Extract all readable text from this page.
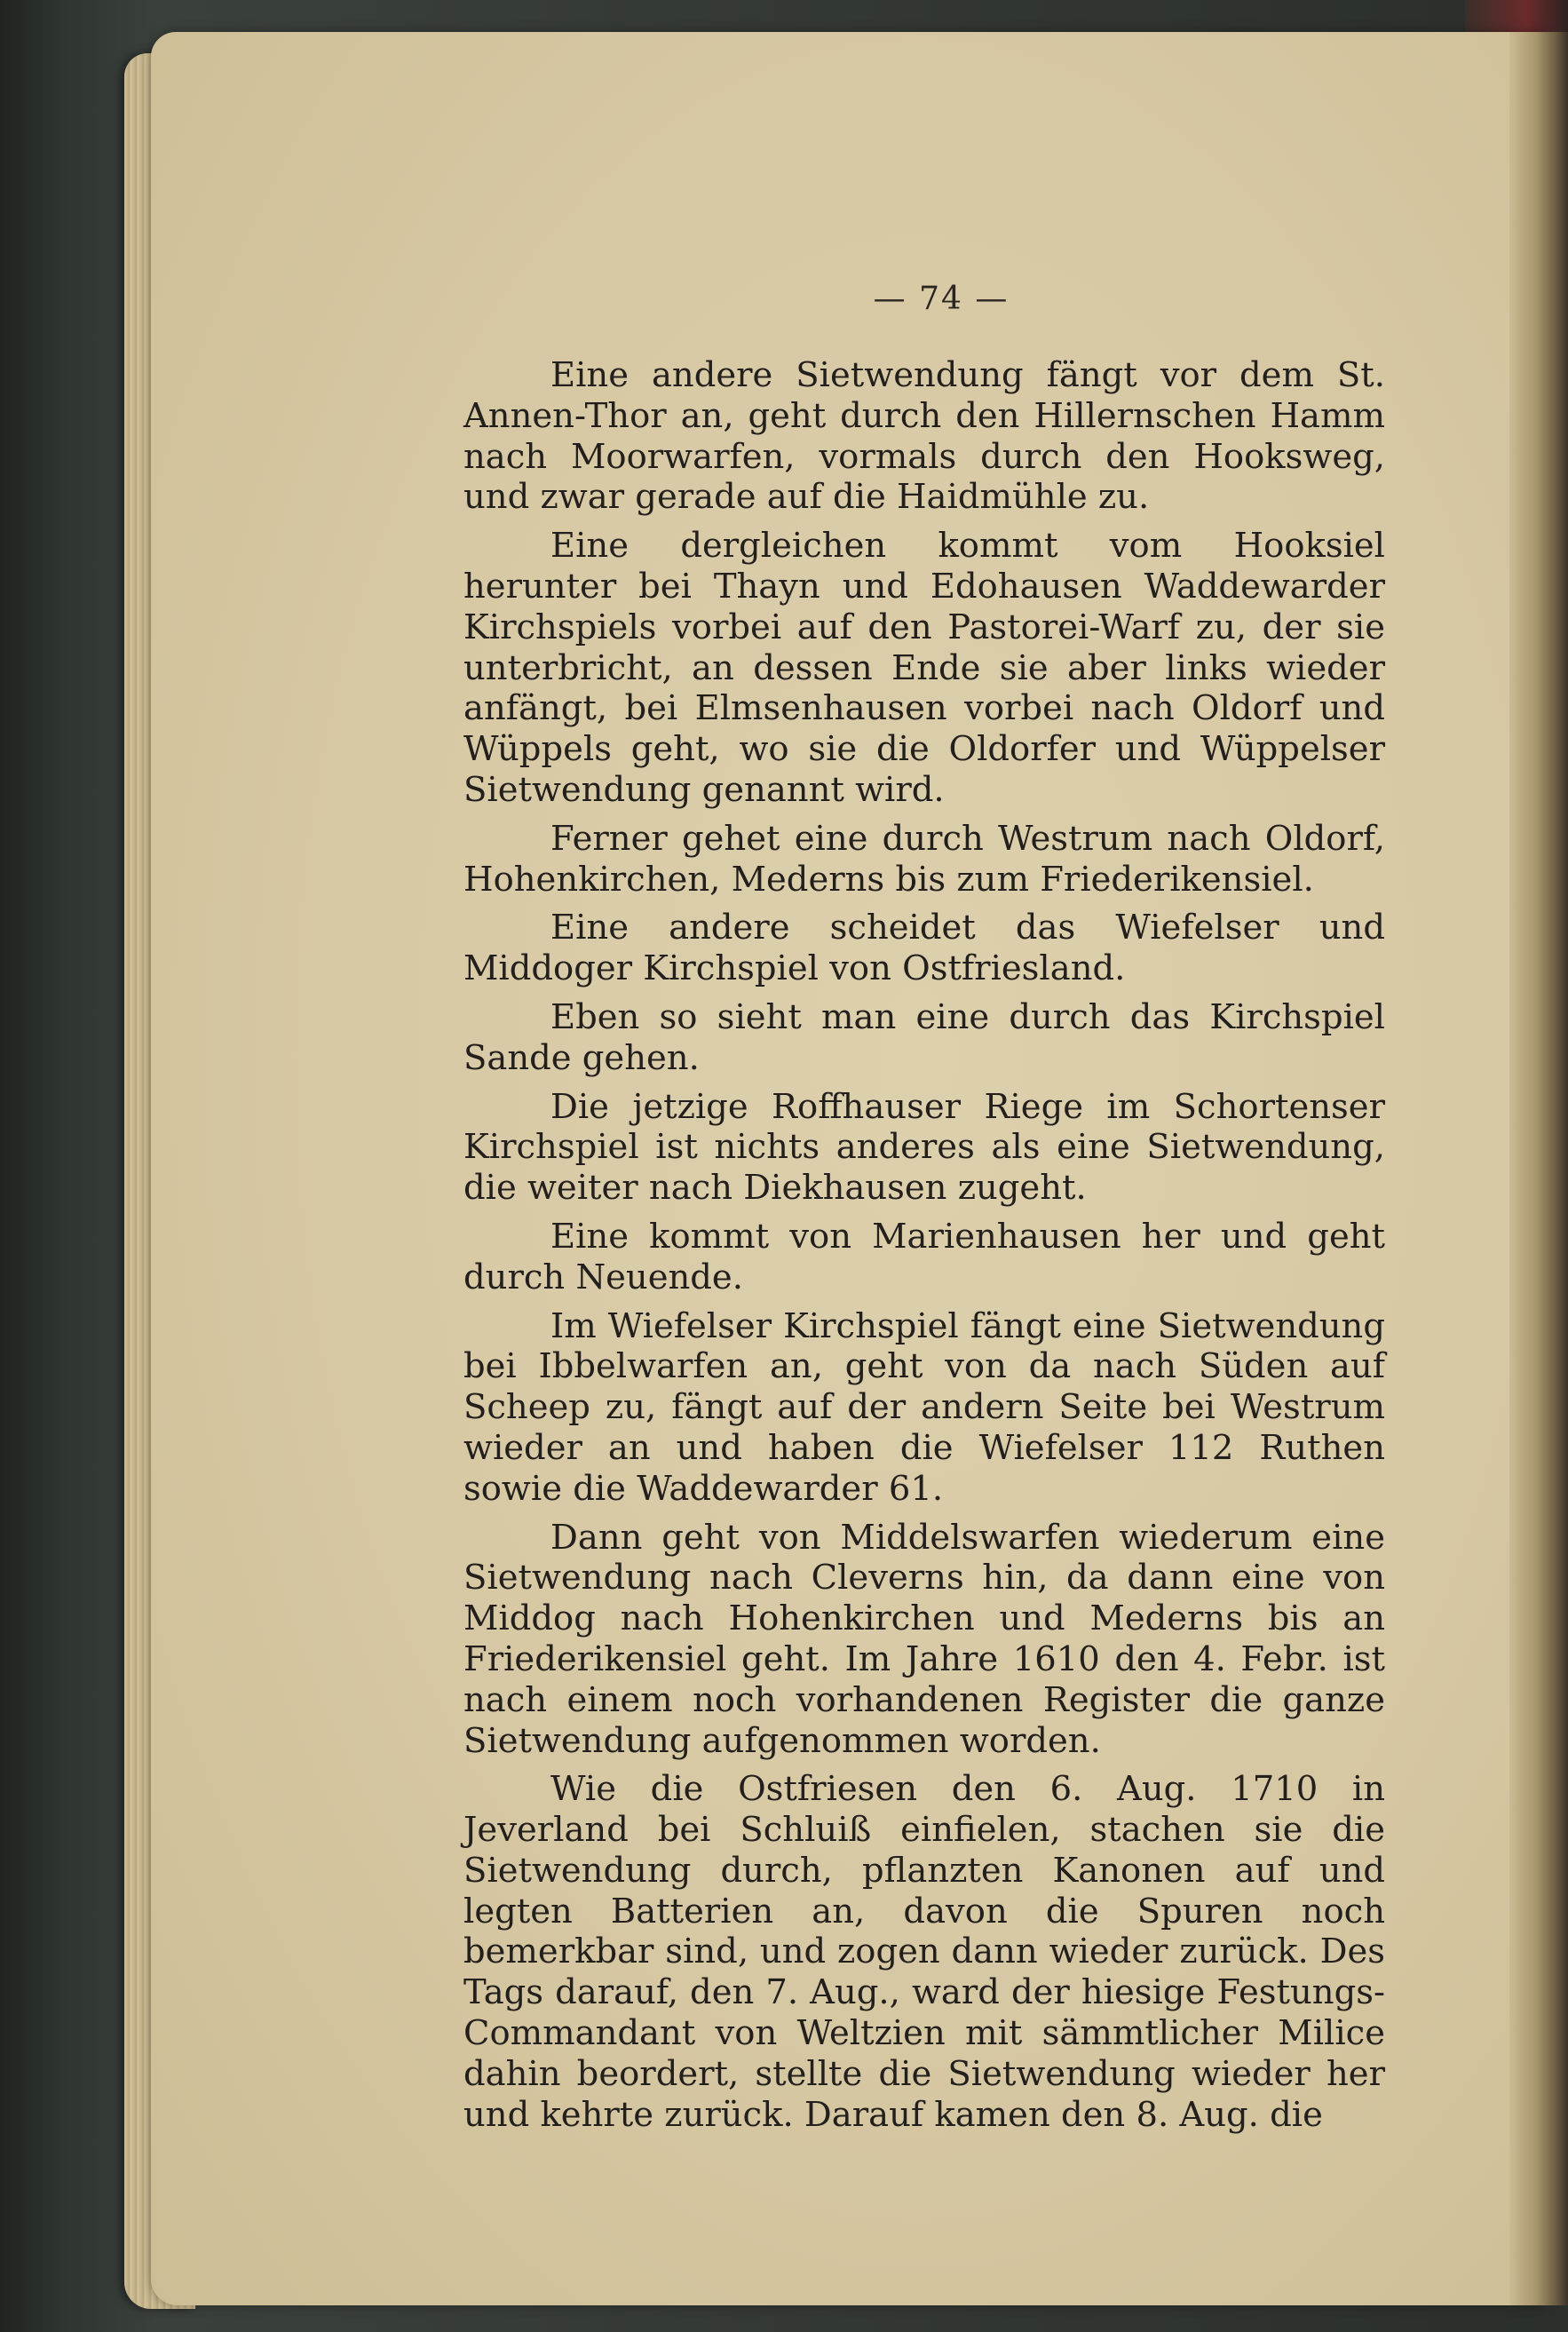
— 74 —

Eine andere Sietwendung fängt vor dem St. Annen-Thor an, geht durch den Hillernschen Hamm nach Moorwarfen, vormals durch den Hooksweg, und zwar gerade auf die Haidmühle zu.

Eine dergleichen kommt vom Hooksiel herunter bei Thayn und Edohausen Waddewarder Kirchspiels vorbei auf den Pastorei-Warf zu, der sie unterbricht, an dessen Ende sie aber links wieder anfängt, bei Elmsenhausen vorbei nach Oldorf und Wüppels geht, wo sie die Oldorfer und Wüppelser Sietwendung genannt wird.

Ferner gehet eine durch Westrum nach Oldorf, Hohenkirchen, Mederns bis zum Friederikensiel.

Eine andere scheidet das Wiefelser und Middoger Kirchspiel von Ostfriesland.

Eben so sieht man eine durch das Kirchspiel Sande gehen.

Die jetzige Roffhauser Riege im Schortenser Kirchspiel ist nichts anderes als eine Sietwendung, die weiter nach Diekhausen zugeht.

Eine kommt von Marienhausen her und geht durch Neuende.

Im Wiefelser Kirchspiel fängt eine Sietwendung bei Ibbelwarfen an, geht von da nach Süden auf Scheep zu, fängt auf der andern Seite bei Westrum wieder an und haben die Wiefelser 112 Ruthen sowie die Waddewarder 61.

Dann geht von Middelswarfen wiederum eine Sietwendung nach Cleverns hin, da dann eine von Middog nach Hohenkirchen und Mederns bis an Friederikensiel geht. Im Jahre 1610 den 4. Febr. ist nach einem noch vorhandenen Register die ganze Sietwendung aufgenommen worden.

Wie die Ostfriesen den 6. Aug. 1710 in Jeverland bei Schluiß einfielen, stachen sie die Sietwendung durch, pflanzten Kanonen auf und legten Batterien an, davon die Spuren noch bemerkbar sind, und zogen dann wieder zurück. Des Tags darauf, den 7. Aug., ward der hiesige Festungs-Commandant von Weltzien mit sämmtlicher Milice dahin beordert, stellte die Sietwendung wieder her und kehrte zurück. Darauf kamen den 8. Aug. die
